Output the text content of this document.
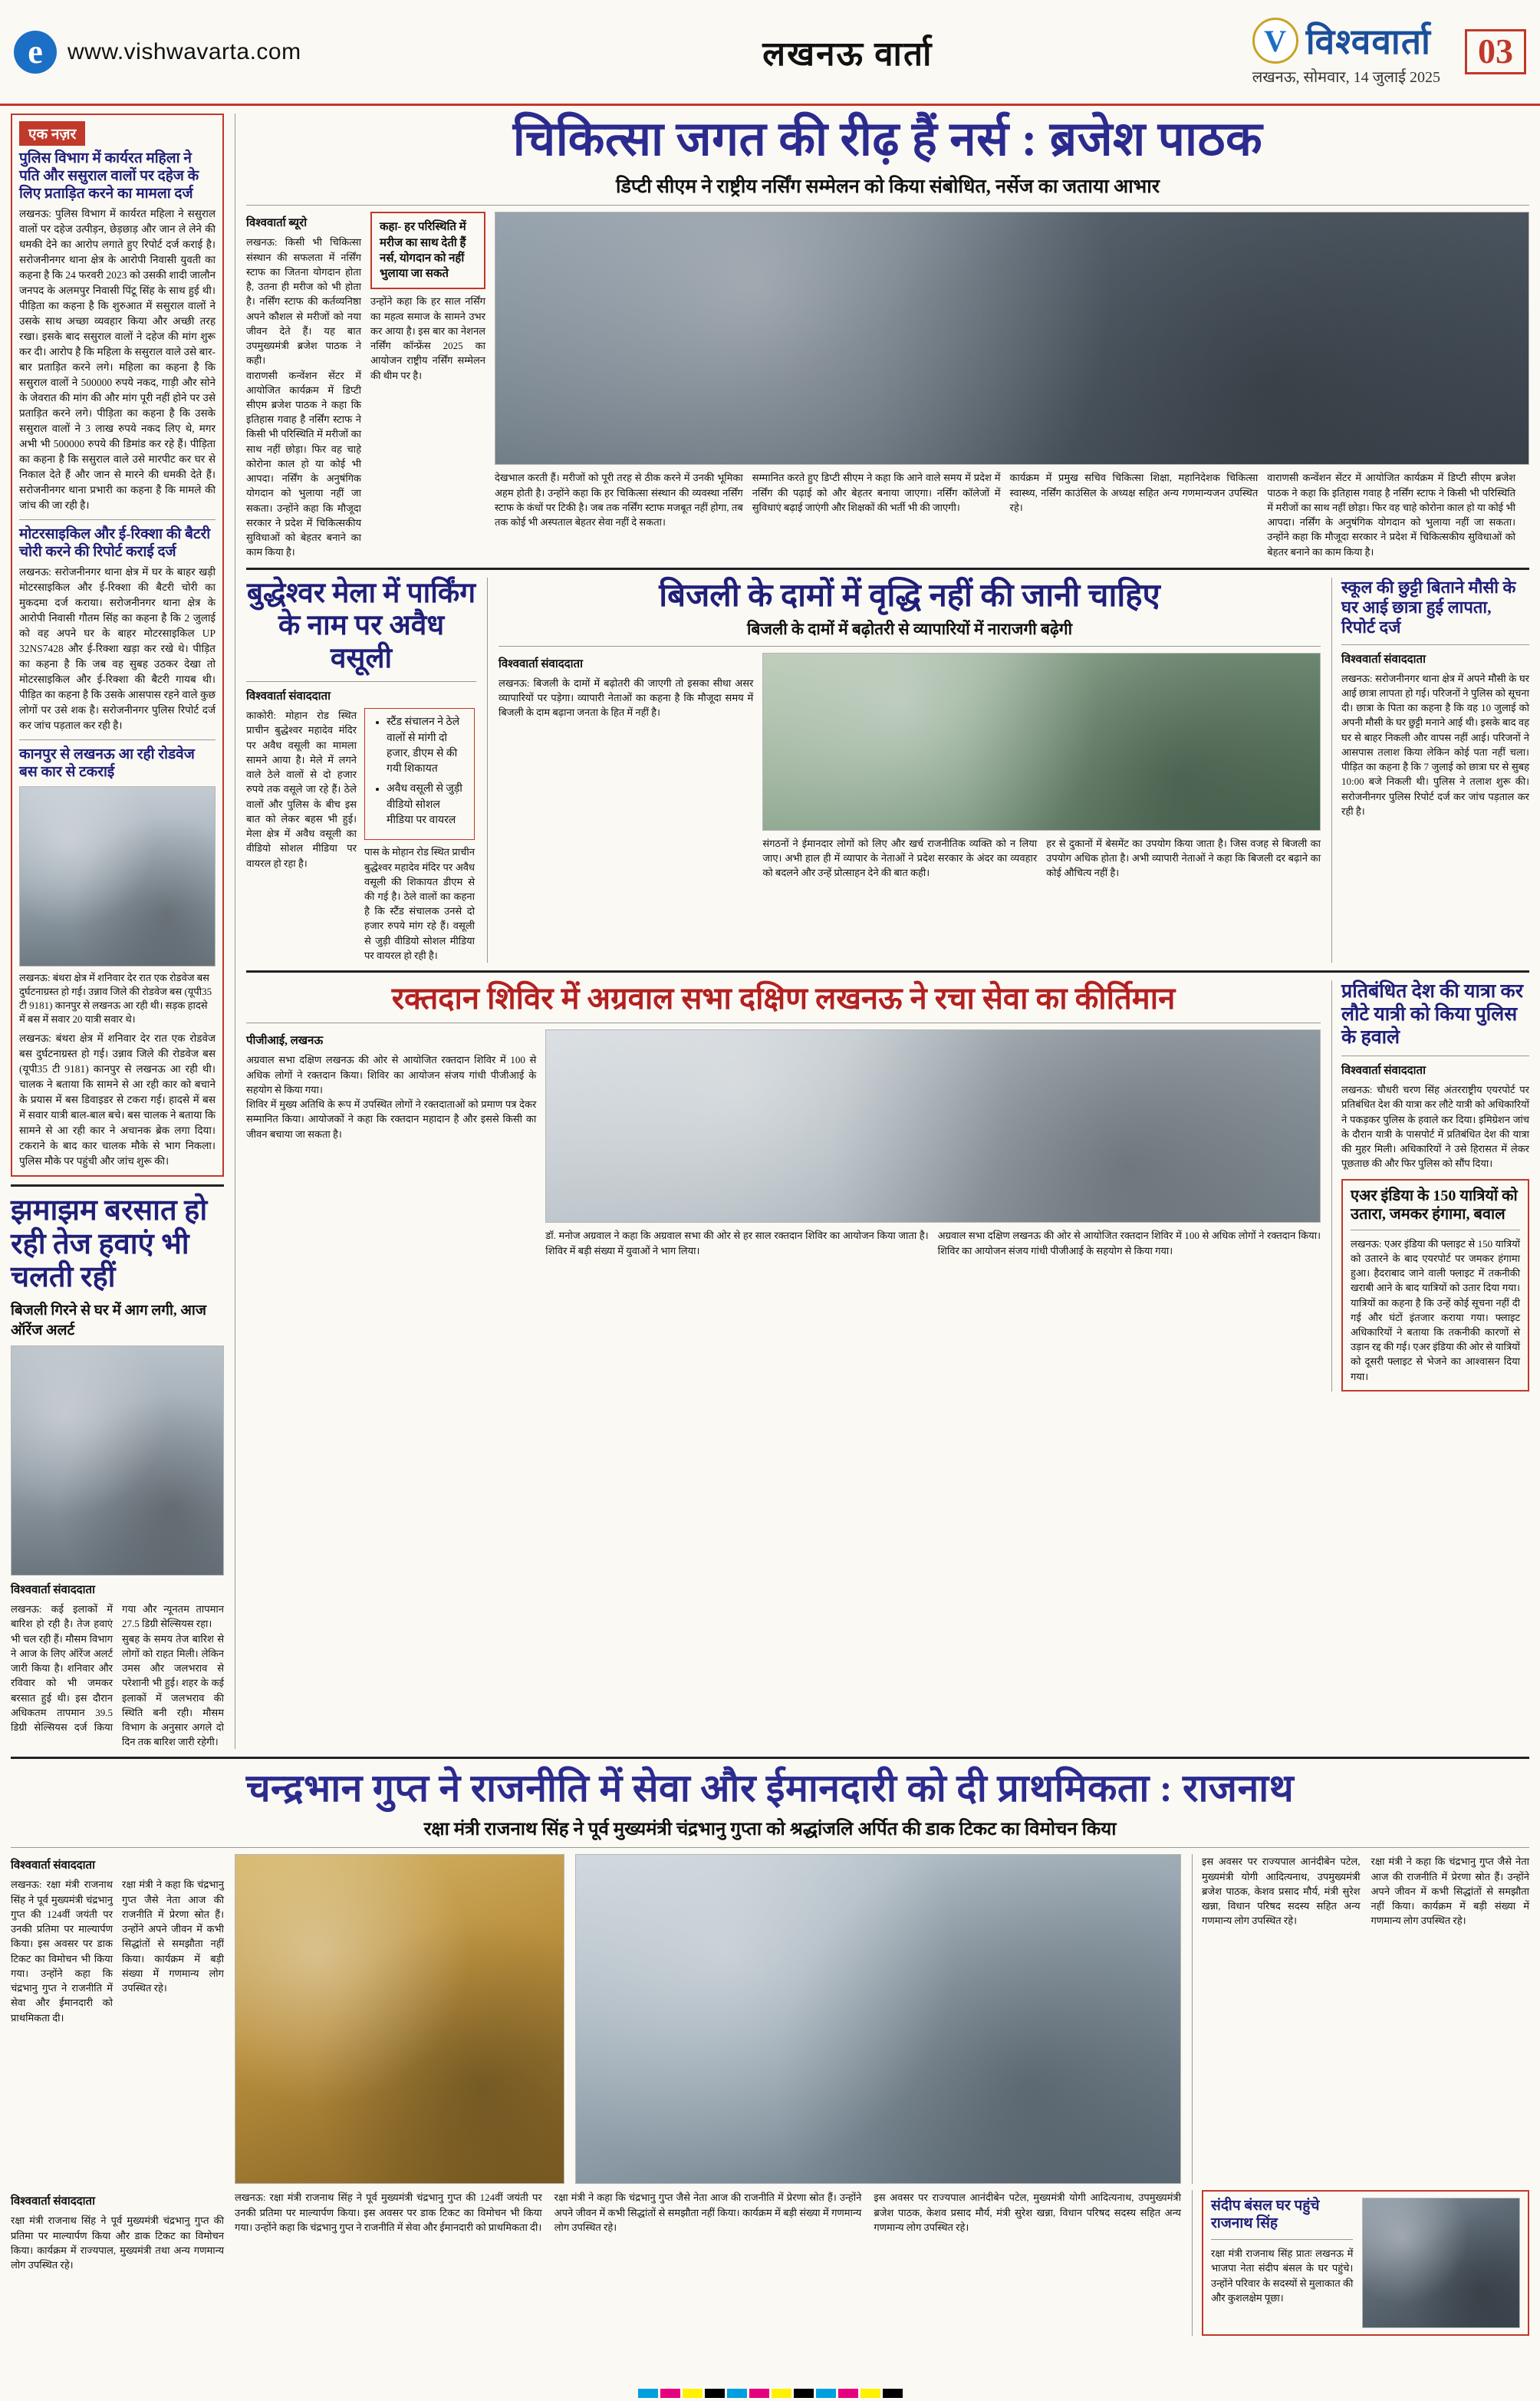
e	www.vishwavarta.com	लखनऊ वार्ता	V विश्ववार्ता
लखनऊ, सोमवार, 14 जुलाई 2025
03
एक नज़र
पुलिस विभाग में कार्यरत महिला ने पति और ससुराल वालों पर दहेज के लिए प्रताड़ित करने का मामला दर्ज
लखनऊ: पुलिस विभाग में कार्यरत महिला ने ससुराल वालों पर दहेज उत्पीड़न, छेड़छाड़ और जान ले लेने की धमकी देने का आरोप लगाते हुए रिपोर्ट दर्ज कराई है। सरोजनीनगर थाना क्षेत्र के आरोपी निवासी युवती का कहना है कि 24 फरवरी 2023 को उसकी शादी जालौन जनपद के अलमपुर निवासी पिंटू सिंह के साथ हुई थी। पीड़िता का कहना है कि शुरुआत में ससुराल वालों ने उसके साथ अच्छा व्यवहार किया और अच्छी तरह रखा। इसके बाद ससुराल वालों ने दहेज की मांग शुरू कर दी। आरोप है कि महिला के ससुराल वाले उसे बार-बार प्रताड़ित करने लगे। महिला का कहना है कि ससुराल वालों ने 500000 रुपये नकद, गाड़ी और सोने के जेवरात की मांग की और मांग पूरी नहीं होने पर उसे प्रताड़ित करने लगे। पीड़िता का कहना है कि उसके ससुराल वालों ने 3 लाख रुपये नकद लिए थे, मगर अभी भी 500000 रुपये की डिमांड कर रहे हैं। पीड़िता का कहना है कि ससुराल वाले उसे मारपीट कर घर से निकाल देते हैं और जान से मारने की धमकी देते हैं। सरोजनीनगर थाना प्रभारी का कहना है कि मामले की जांच की जा रही है।
मोटरसाइकिल और ई-रिक्शा की बैटरी चोरी करने की रिपोर्ट कराई दर्ज
लखनऊ: सरोजनीनगर थाना क्षेत्र में घर के बाहर खड़ी मोटरसाइकिल और ई-रिक्शा की बैटरी चोरी का मुकदमा दर्ज कराया। सरोजनीनगर थाना क्षेत्र के आरोपी निवासी गौतम सिंह का कहना है कि 2 जुलाई को वह अपने घर के बाहर मोटरसाइकिल UP 32NS7428 और ई-रिक्शा खड़ा कर रखे थे। पीड़ित का कहना है कि जब वह सुबह उठकर देखा तो मोटरसाइकिल और ई-रिक्शा की बैटरी गायब थी। पीड़ित का कहना है कि उसके आसपास रहने वाले कुछ लोगों पर उसे शक है। सरोजनीनगर पुलिस रिपोर्ट दर्ज कर जांच पड़ताल कर रही है।
कानपुर से लखनऊ आ रही रोडवेज बस कार से टकराई
लखनऊ: बंथरा क्षेत्र में शनिवार देर रात एक रोडवेज बस दुर्घटनाग्रस्त हो गई। उन्नाव जिले की रोडवेज बस (यूपी35 टी 9181) कानपुर से लखनऊ आ रही थी। सड़क हादसे में बस में सवार 20 यात्री सवार थे।
लखनऊ: बंथरा क्षेत्र में शनिवार देर रात एक रोडवेज बस दुर्घटनाग्रस्त हो गई। उन्नाव जिले की रोडवेज बस (यूपी35 टी 9181) कानपुर से लखनऊ आ रही थी। चालक ने बताया कि सामने से आ रही कार को बचाने के प्रयास में बस डिवाइडर से टकरा गई। हादसे में बस में सवार यात्री बाल-बाल बचे। बस चालक ने बताया कि सामने से आ रही कार ने अचानक ब्रेक लगा दिया। टकराने के बाद कार चालक मौके से भाग निकला। पुलिस मौके पर पहुंची और जांच शुरू की।
झमाझम बरसात हो रही तेज हवाएं भी चलती रहीं
बिजली गिरने से घर में आग लगी, आज ऑरेंज अलर्ट
विश्ववार्ता संवाददाता
लखनऊ: कई इलाकों में बारिश हो रही है। तेज हवाएं भी चल रही हैं। मौसम विभाग ने आज के लिए ऑरेंज अलर्ट जारी किया है। शनिवार और रविवार को भी जमकर बरसात हुई थी। इस दौरान अधिकतम तापमान 39.5 डिग्री सेल्सियस दर्ज किया गया और न्यूनतम तापमान 27.5 डिग्री सेल्सियस रहा।
सुबह के समय तेज बारिश से लोगों को राहत मिली। लेकिन उमस और जलभराव से परेशानी भी हुई। शहर के कई इलाकों में जलभराव की स्थिति बनी रही। मौसम विभाग के अनुसार अगले दो दिन तक बारिश जारी रहेगी।
चिकित्सा जगत की रीढ़ हैं नर्स : ब्रजेश पाठक
डिप्टी सीएम ने राष्ट्रीय नर्सिंग सम्मेलन को किया संबोधित, नर्सेज का जताया आभार
विश्ववार्ता ब्यूरो
लखनऊ: किसी भी चिकित्सा संस्थान की सफलता में नर्सिंग स्टाफ का जितना योगदान होता है, उतना ही मरीज को भी होता है। नर्सिंग स्टाफ की कर्तव्यनिष्ठा अपने कौशल से मरीजों को नया जीवन देते हैं। यह बात उपमुख्यमंत्री ब्रजेश पाठक ने कही।
वाराणसी कन्वेंशन सेंटर में आयोजित कार्यक्रम में डिप्टी सीएम ब्रजेश पाठक ने कहा कि इतिहास गवाह है नर्सिंग स्टाफ ने किसी भी परिस्थिति में मरीजों का साथ नहीं छोड़ा। फिर वह चाहे कोरोना काल हो या कोई भी आपदा। नर्सिंग के अनुषंगिक योगदान को भुलाया नहीं जा सकता। उन्होंने कहा कि मौजूदा सरकार ने प्रदेश में चिकित्सकीय सुविधाओं को बेहतर बनाने का काम किया है।
कहा- हर परिस्थिति में मरीज का साथ देती हैं नर्स, योगदान को नहीं भुलाया जा सकते
उन्होंने कहा कि हर साल नर्सिंग का महत्व समाज के सामने उभर कर आया है। इस बार का नेशनल नर्सिंग कॉन्फ्रेंस 2025 का आयोजन राष्ट्रीय नर्सिंग सम्मेलन की थीम पर है।
देखभाल करती हैं। मरीजों को पूरी तरह से ठीक करने में उनकी भूमिका अहम होती है। उन्होंने कहा कि हर चिकित्सा संस्थान की व्यवस्था नर्सिंग स्टाफ के कंधों पर टिकी है। जब तक नर्सिंग स्टाफ मजबूत नहीं होगा, तब तक कोई भी अस्पताल बेहतर सेवा नहीं दे सकता।
सम्मानित करते हुए डिप्टी सीएम ने कहा कि आने वाले समय में प्रदेश में नर्सिंग की पढ़ाई को और बेहतर बनाया जाएगा। नर्सिंग कॉलेजों में सुविधाएं बढ़ाई जाएंगी और शिक्षकों की भर्ती भी की जाएगी।
कार्यक्रम में प्रमुख सचिव चिकित्सा शिक्षा, महानिदेशक चिकित्सा स्वास्थ्य, नर्सिंग काउंसिल के अध्यक्ष सहित अन्य गणमान्यजन उपस्थित रहे।
वाराणसी कन्वेंशन सेंटर में आयोजित कार्यक्रम में डिप्टी सीएम ब्रजेश पाठक ने कहा कि इतिहास गवाह है नर्सिंग स्टाफ ने किसी भी परिस्थिति में मरीजों का साथ नहीं छोड़ा। फिर वह चाहे कोरोना काल हो या कोई भी आपदा। नर्सिंग के अनुषंगिक योगदान को भुलाया नहीं जा सकता। उन्होंने कहा कि मौजूदा सरकार ने प्रदेश में चिकित्सकीय सुविधाओं को बेहतर बनाने का काम किया है।
बुद्धेश्वर मेला में पार्किंग के नाम पर अवैध वसूली
विश्ववार्ता संवाददाता
काकोरी: मोहान रोड स्थित प्राचीन बुद्धेश्वर महादेव मंदिर पर अवैध वसूली का मामला सामने आया है। मेले में लगने वाले ठेले वालों से दो हजार रुपये तक वसूले जा रहे हैं। ठेले वालों और पुलिस के बीच इस बात को लेकर बहस भी हुई। मेला क्षेत्र में अवैध वसूली का वीडियो सोशल मीडिया पर वायरल हो रहा है।
• स्टैंड संचालन ने ठेले वालों से मांगी दो हजार, डीएम से की गयी शिकायत
• अवैध वसूली से जुड़ी वीडियो सोशल मीडिया पर वायरल
पास के मोहान रोड स्थित प्राचीन बुद्धेश्वर महादेव मंदिर पर अवैध वसूली की शिकायत डीएम से की गई है। ठेले वालों का कहना है कि स्टैंड संचालक उनसे दो हजार रुपये मांग रहे हैं। वसूली से जुड़ी वीडियो सोशल मीडिया पर वायरल हो रही है।
बिजली के दामों में वृद्धि नहीं की जानी चाहिए
बिजली के दामों में बढ़ोतरी से व्यापारियों में नाराजगी बढ़ेगी
विश्ववार्ता संवाददाता
लखनऊ: बिजली के दामों में बढ़ोतरी की जाएगी तो इसका सीधा असर व्यापारियों पर पड़ेगा। व्यापारी नेताओं का कहना है कि मौजूदा समय में बिजली के दाम बढ़ाना जनता के हित में नहीं है।
संगठनों ने ईमानदार लोगों को लिए और खर्च राजनीतिक व्यक्ति को न लिया जाए। अभी हाल ही में व्यापार के नेताओं ने प्रदेश सरकार के अंदर का व्यवहार को बदलने और उन्हें प्रोत्साहन देने की बात कही।
हर से दुकानों में बेसमेंट का उपयोग किया जाता है। जिस वजह से बिजली का उपयोग अधिक होता है। अभी व्यापारी नेताओं ने कहा कि बिजली दर बढ़ाने का कोई औचित्य नहीं है।
स्कूल की छुट्टी बिताने मौसी के घर आई छात्रा हुई लापता, रिपोर्ट दर्ज
विश्ववार्ता संवाददाता
लखनऊ: सरोजनीनगर थाना क्षेत्र में अपने मौसी के घर आई छात्रा लापता हो गई। परिजनों ने पुलिस को सूचना दी। छात्रा के पिता का कहना है कि वह 10 जुलाई को अपनी मौसी के घर छुट्टी मनाने आई थी। इसके बाद वह घर से बाहर निकली और वापस नहीं आई। परिजनों ने आसपास तलाश किया लेकिन कोई पता नहीं चला। पीड़ित का कहना है कि 7 जुलाई को छात्रा घर से सुबह 10:00 बजे निकली थी। पुलिस ने तलाश शुरू की। सरोजनीनगर पुलिस रिपोर्ट दर्ज कर जांच पड़ताल कर रही है।
रक्तदान शिविर में अग्रवाल सभा दक्षिण लखनऊ ने रचा सेवा का कीर्तिमान
पीजीआई, लखनऊ
अग्रवाल सभा दक्षिण लखनऊ की ओर से आयोजित रक्तदान शिविर में 100 से अधिक लोगों ने रक्तदान किया। शिविर का आयोजन संजय गांधी पीजीआई के सहयोग से किया गया।
शिविर में मुख्य अतिथि के रूप में उपस्थित लोगों ने रक्तदाताओं को प्रमाण पत्र देकर सम्मानित किया। आयोजकों ने कहा कि रक्तदान महादान है और इससे किसी का जीवन बचाया जा सकता है।
डॉ. मनोज अग्रवाल ने कहा कि अग्रवाल सभा की ओर से हर साल रक्तदान शिविर का आयोजन किया जाता है। शिविर में बड़ी संख्या में युवाओं ने भाग लिया।
अग्रवाल सभा दक्षिण लखनऊ की ओर से आयोजित रक्तदान शिविर में 100 से अधिक लोगों ने रक्तदान किया। शिविर का आयोजन संजय गांधी पीजीआई के सहयोग से किया गया।
प्रतिबंधित देश की यात्रा कर लौटे यात्री को किया पुलिस के हवाले
विश्ववार्ता संवाददाता
लखनऊ: चौधरी चरण सिंह अंतरराष्ट्रीय एयरपोर्ट पर प्रतिबंधित देश की यात्रा कर लौटे यात्री को अधिकारियों ने पकड़कर पुलिस के हवाले कर दिया। इमिग्रेशन जांच के दौरान यात्री के पासपोर्ट में प्रतिबंधित देश की यात्रा की मुहर मिली। अधिकारियों ने उसे हिरासत में लेकर पूछताछ की और फिर पुलिस को सौंप दिया।
एअर इंडिया के 150 यात्रियों को उतारा, जमकर हंगामा, बवाल
लखनऊ: एअर इंडिया की फ्लाइट से 150 यात्रियों को उतारने के बाद एयरपोर्ट पर जमकर हंगामा हुआ। हैदराबाद जाने वाली फ्लाइट में तकनीकी खराबी आने के बाद यात्रियों को उतार दिया गया। यात्रियों का कहना है कि उन्हें कोई सूचना नहीं दी गई और घंटों इंतजार कराया गया। फ्लाइट अधिकारियों ने बताया कि तकनीकी कारणों से उड़ान रद्द की गई। एअर इंडिया की ओर से यात्रियों को दूसरी फ्लाइट से भेजने का आश्वासन दिया गया।
चन्द्रभान गुप्त ने राजनीति में सेवा और ईमानदारी को दी प्राथमिकता : राजनाथ
रक्षा मंत्री राजनाथ सिंह ने पूर्व मुख्यमंत्री चंद्रभानु गुप्ता को श्रद्धांजलि अर्पित की डाक टिकट का विमोचन किया
विश्ववार्ता संवाददाता
लखनऊ: रक्षा मंत्री राजनाथ सिंह ने पूर्व मुख्यमंत्री चंद्रभानु गुप्त की 124वीं जयंती पर उनकी प्रतिमा पर माल्यार्पण किया। इस अवसर पर डाक टिकट का विमोचन भी किया गया। उन्होंने कहा कि चंद्रभानु गुप्त ने राजनीति में सेवा और ईमानदारी को प्राथमिकता दी।
रक्षा मंत्री ने कहा कि चंद्रभानु गुप्त जैसे नेता आज की राजनीति में प्रेरणा स्रोत हैं। उन्होंने अपने जीवन में कभी सिद्धांतों से समझौता नहीं किया। कार्यक्रम में बड़ी संख्या में गणमान्य लोग उपस्थित रहे।
इस अवसर पर राज्यपाल आनंदीबेन पटेल, मुख्यमंत्री योगी आदित्यनाथ, उपमुख्यमंत्री ब्रजेश पाठक, केशव प्रसाद मौर्य, मंत्री सुरेश खन्ना, विधान परिषद सदस्य सहित अन्य गणमान्य लोग उपस्थित रहे।
रक्षा मंत्री ने कहा कि चंद्रभानु गुप्त जैसे नेता आज की राजनीति में प्रेरणा स्रोत हैं। उन्होंने अपने जीवन में कभी सिद्धांतों से समझौता नहीं किया। कार्यक्रम में बड़ी संख्या में गणमान्य लोग उपस्थित रहे।
विश्ववार्ता संवाददाता
रक्षा मंत्री राजनाथ सिंह ने पूर्व मुख्यमंत्री चंद्रभानु गुप्त की प्रतिमा पर माल्यार्पण किया और डाक टिकट का विमोचन किया। कार्यक्रम में राज्यपाल, मुख्यमंत्री तथा अन्य गणमान्य लोग उपस्थित रहे।
लखनऊ: रक्षा मंत्री राजनाथ सिंह ने पूर्व मुख्यमंत्री चंद्रभानु गुप्त की 124वीं जयंती पर उनकी प्रतिमा पर माल्यार्पण किया। इस अवसर पर डाक टिकट का विमोचन भी किया गया। उन्होंने कहा कि चंद्रभानु गुप्त ने राजनीति में सेवा और ईमानदारी को प्राथमिकता दी।
रक्षा मंत्री ने कहा कि चंद्रभानु गुप्त जैसे नेता आज की राजनीति में प्रेरणा स्रोत हैं। उन्होंने अपने जीवन में कभी सिद्धांतों से समझौता नहीं किया। कार्यक्रम में बड़ी संख्या में गणमान्य लोग उपस्थित रहे।
इस अवसर पर राज्यपाल आनंदीबेन पटेल, मुख्यमंत्री योगी आदित्यनाथ, उपमुख्यमंत्री ब्रजेश पाठक, केशव प्रसाद मौर्य, मंत्री सुरेश खन्ना, विधान परिषद सदस्य सहित अन्य गणमान्य लोग उपस्थित रहे।
संदीप बंसल घर पहुंचे राजनाथ सिंह
रक्षा मंत्री राजनाथ सिंह प्रातः लखनऊ में भाजपा नेता संदीप बंसल के घर पहुंचे। उन्होंने परिवार के सदस्यों से मुलाकात की और कुशलक्षेम पूछा।
